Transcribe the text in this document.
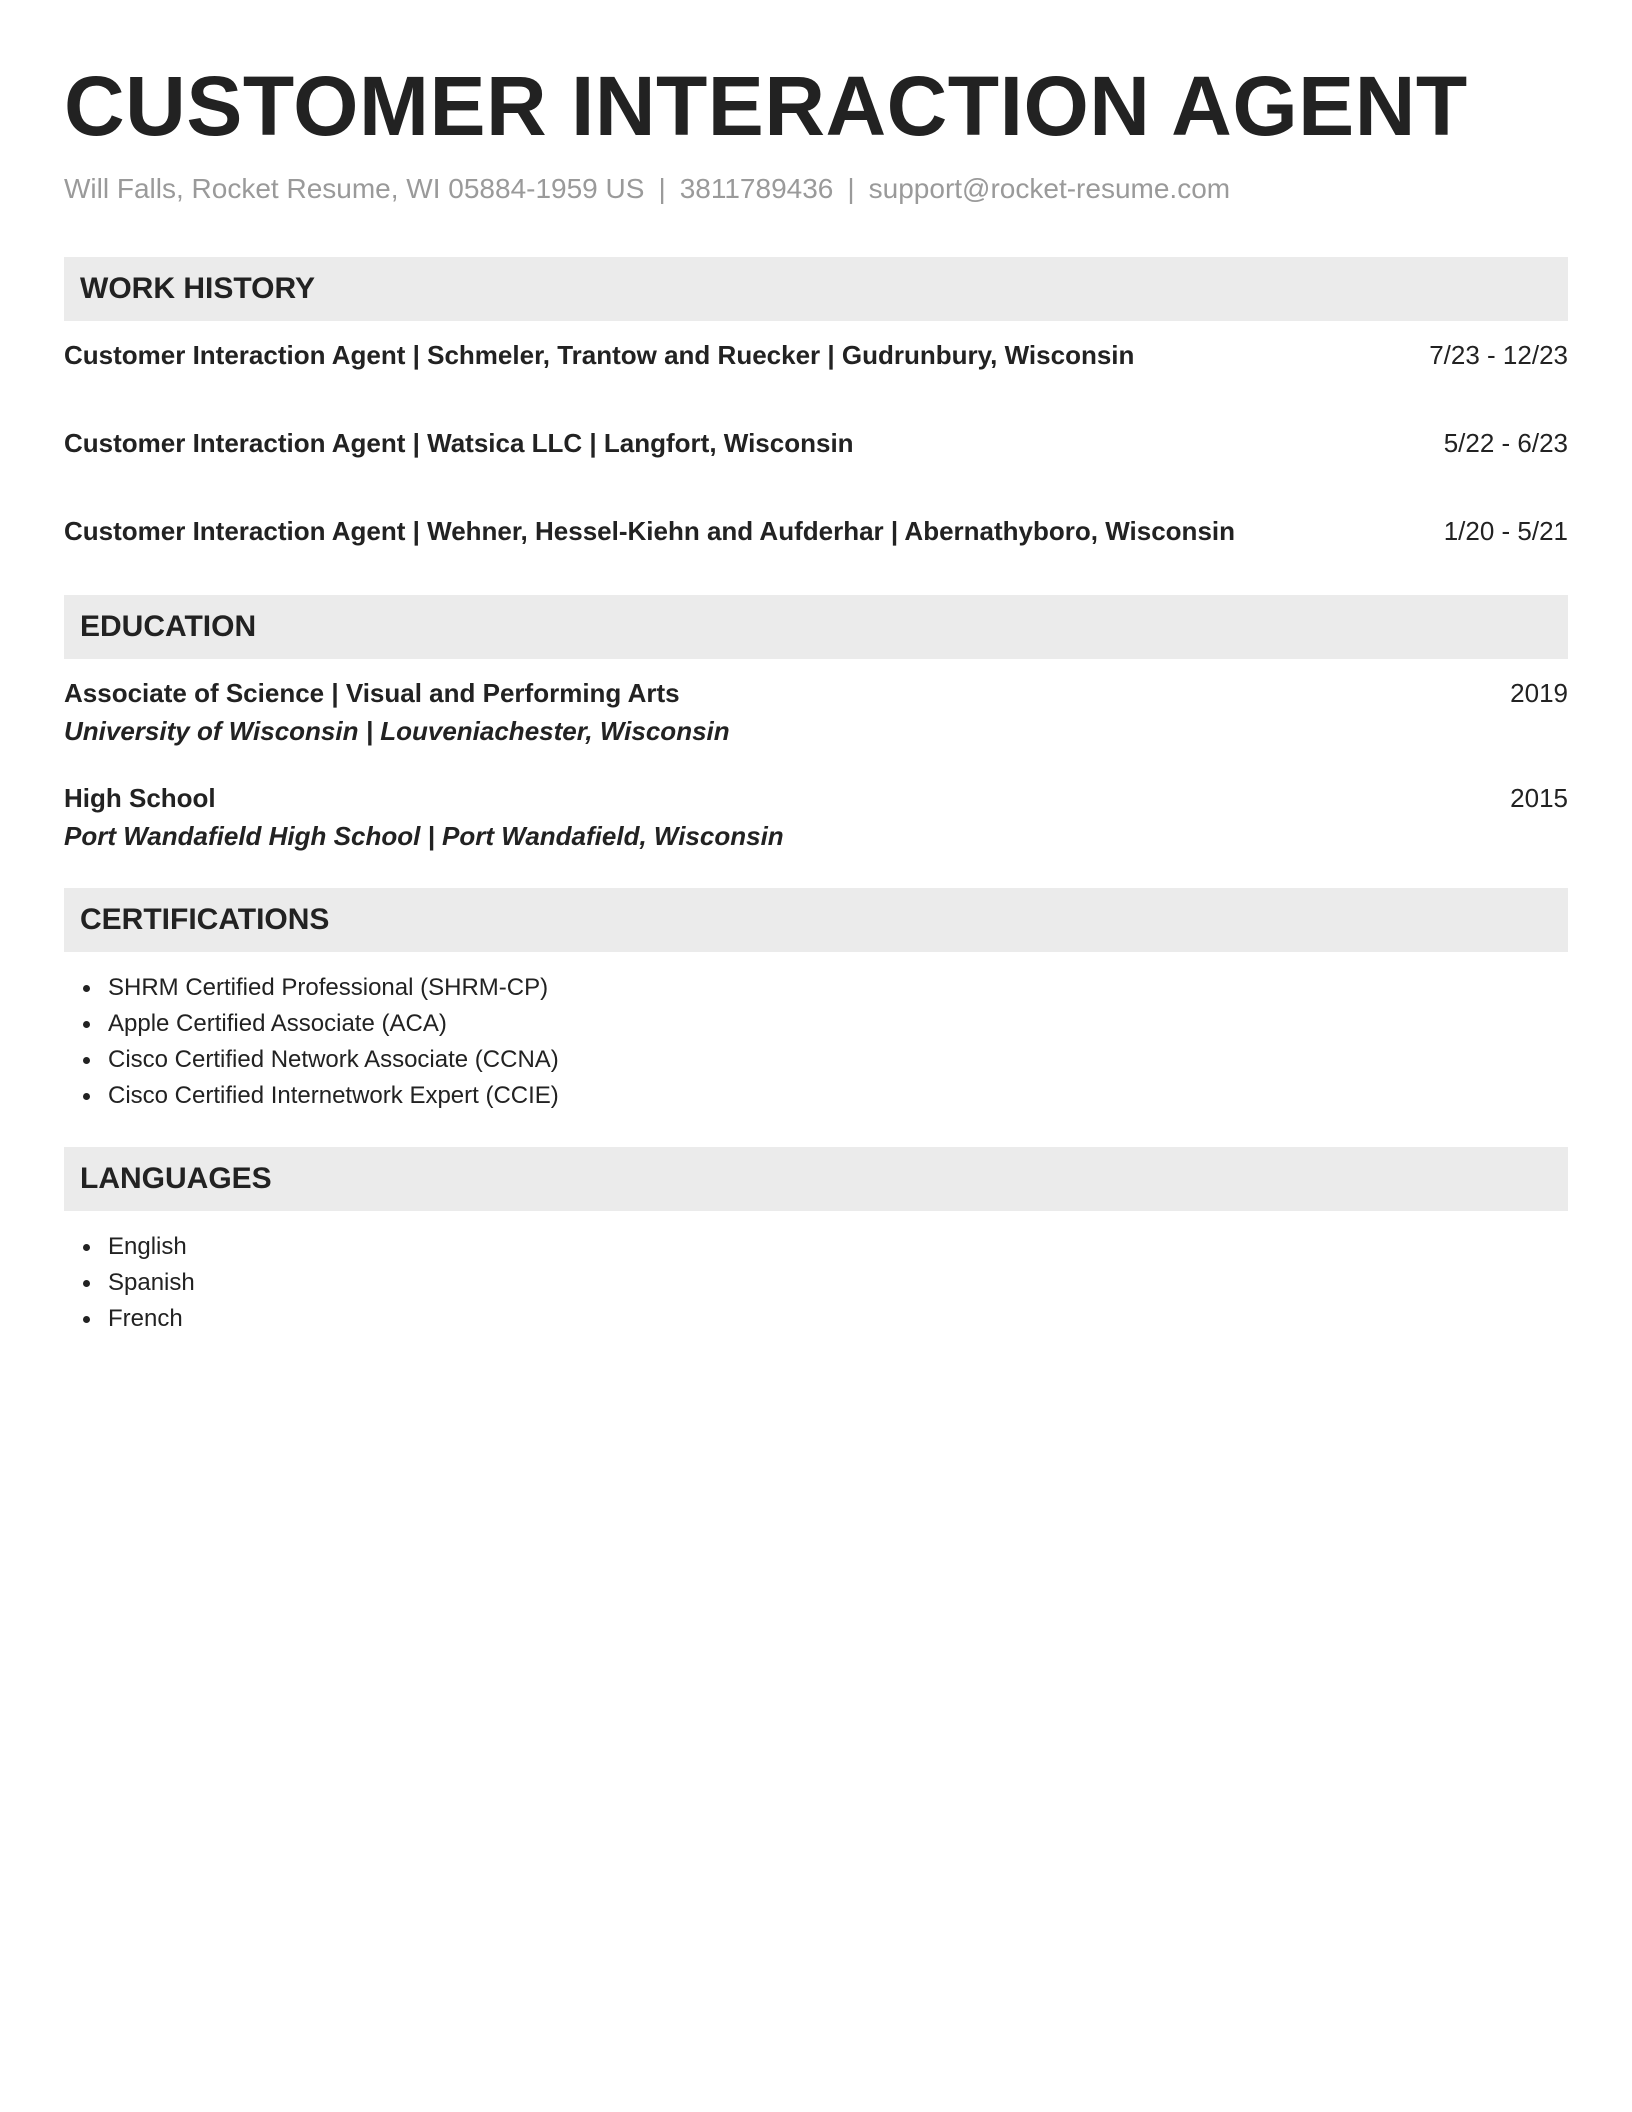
CUSTOMER INTERACTION AGENT
Will Falls, Rocket Resume, WI 05884-1959 US | 3811789436 | support@rocket-resume.com
WORK HISTORY
Customer Interaction Agent | Schmeler, Trantow and Ruecker | Gudrunbury, Wisconsin	7/23 - 12/23
Customer Interaction Agent | Watsica LLC | Langfort, Wisconsin	5/22 - 6/23
Customer Interaction Agent | Wehner, Hessel-Kiehn and Aufderhar | Abernathyboro, Wisconsin	1/20 - 5/21
EDUCATION
Associate of Science | Visual and Performing Arts	2019
University of Wisconsin | Louveniachester, Wisconsin
High School	2015
Port Wandafield High School | Port Wandafield, Wisconsin
CERTIFICATIONS
SHRM Certified Professional (SHRM-CP)
Apple Certified Associate (ACA)
Cisco Certified Network Associate (CCNA)
Cisco Certified Internetwork Expert (CCIE)
LANGUAGES
English
Spanish
French
